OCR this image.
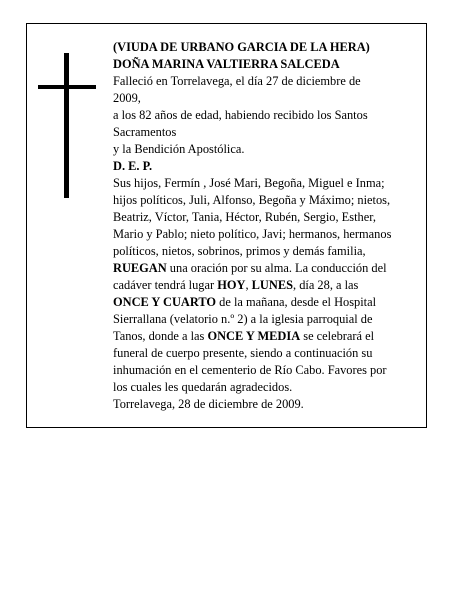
(VIUDA DE URBANO GARCIA DE LA HERA)
DOÑA MARINA VALTIERRA SALCEDA
Falleció en Torrelavega, el día 27 de diciembre de
2009,
a los 82 años de edad, habiendo recibido los Santos
Sacramentos
y la Bendición Apostólica.
D. E. P.
Sus hijos, Fermín , José Mari, Begoña, Miguel e Inma;
hijos políticos, Juli, Alfonso, Begoña y Máximo; nietos,
Beatriz, Víctor, Tania, Héctor, Rubén, Sergio, Esther,
Mario y Pablo; nieto político, Javi; hermanos, hermanos
políticos, nietos, sobrinos, primos y demás familia,
RUEGAN una oración por su alma. La conducción del
cadáver tendrá lugar HOY, LUNES, día 28, a las
ONCE Y CUARTO de la mañana, desde el Hospital
Sierrallana (velatorio n.º 2) a la iglesia parroquial de
Tanos, donde a las ONCE Y MEDIA se celebrará el
funeral de cuerpo presente, siendo a continuación su
inhumación en el cementerio de Río Cabo. Favores por
los cuales les quedarán agradecidos.
Torrelavega, 28 de diciembre de 2009.
